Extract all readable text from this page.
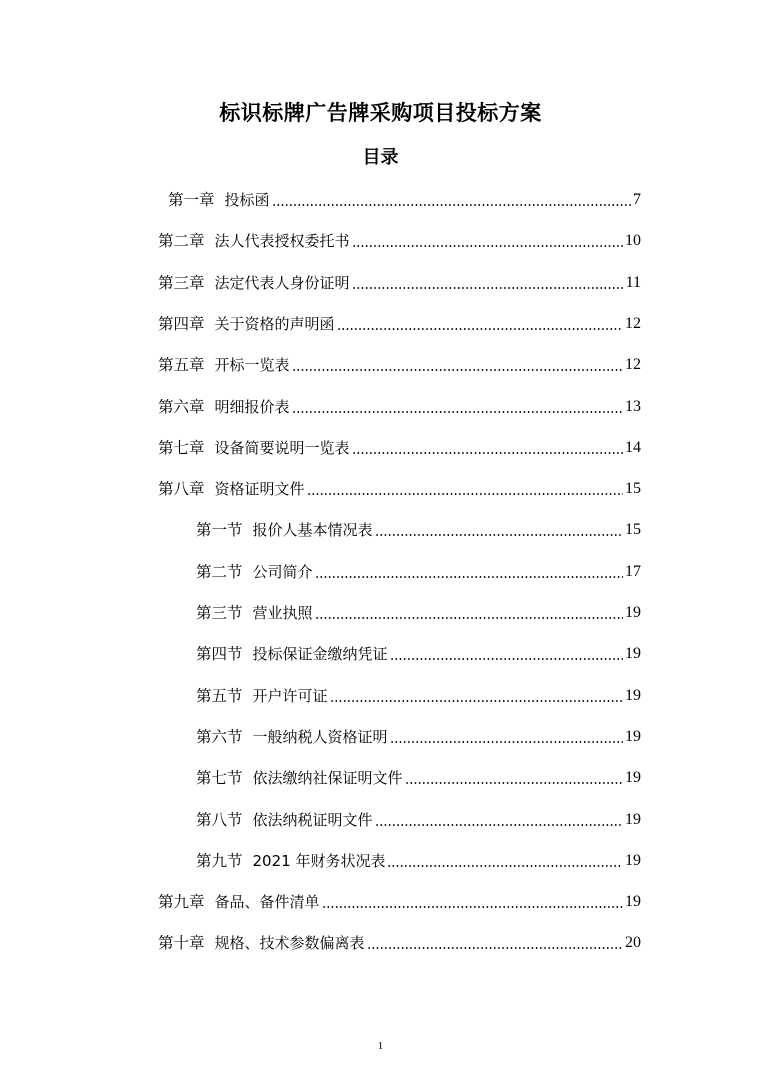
标识标牌广告牌采购项目投标方案
目录
第一章 投标函	7
第二章 法人代表授权委托书	10
第三章 法定代表人身份证明	11
第四章 关于资格的声明函	12
第五章 开标一览表	12
第六章 明细报价表	13
第七章 设备简要说明一览表	14
第八章 资格证明文件	15
第一节 报价人基本情况表	15
第二节 公司简介	17
第三节 营业执照	19
第四节 投标保证金缴纳凭证	19
第五节 开户许可证	19
第六节 一般纳税人资格证明	19
第七节 依法缴纳社保证明文件	19
第八节 依法纳税证明文件	19
第九节 2021 年财务状况表	19
第九章 备品、备件清单	19
第十章 规格、技术参数偏离表	20
1
